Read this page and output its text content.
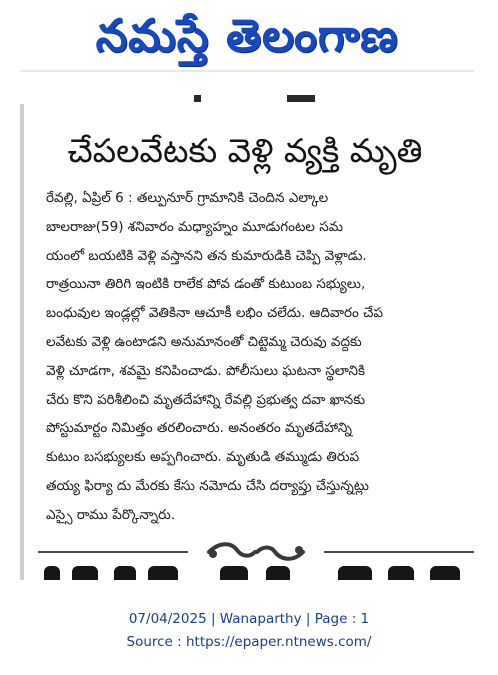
నమస్తే తెలంగాణ
చేపలవేటకు వెళ్లి వ్యక్తి మృతి
రేవల్లి, ఏప్రిల్ 6 : తల్పునూర్ గ్రామానికి చెందిన ఎల్కాల
బాలరాజు(59) శనివారం మధ్యాహ్నం మూడుగంటల సమ
యంలో బయటికి వెళ్లి వస్తానని తన కుమారుడికి చెప్పి వెళ్లాడు.
రాత్రయినా తిరిగి ఇంటికి రాలేక పోవ డంతో కుటుంబ సభ్యులు,
బంధువుల ఇండ్లల్లో వెతికినా ఆచూకీ లభిం చలేదు. ఆదివారం చేప
లవేటకు వెళ్లి ఉంటాడని అనుమానంతో చిట్టెమ్మ చెరువు వద్దకు
వెళ్లి చూడగా, శవమై కనిపించాడు. పోలీసులు ఘటనా స్థలానికి
చేరు కొని పరిశీలించి మృతదేహాన్ని రేవల్లి ప్రభుత్వ దవా ఖానకు
పోస్టుమార్టం నిమిత్తం తరలించారు. అనంతరం మృతదేహాన్ని
కుటుం బసభ్యులకు అప్పగించారు. మృతుడి తమ్ముడు తిరుప
తయ్య ఫిర్యా దు మేరకు కేసు నమోదు చేసి దర్యాప్తు చేస్తున్నట్లు
ఎస్సై రాము పేర్కొన్నారు.
07/04/2025 | Wanaparthy | Page : 1
Source : https://epaper.ntnews.com/
